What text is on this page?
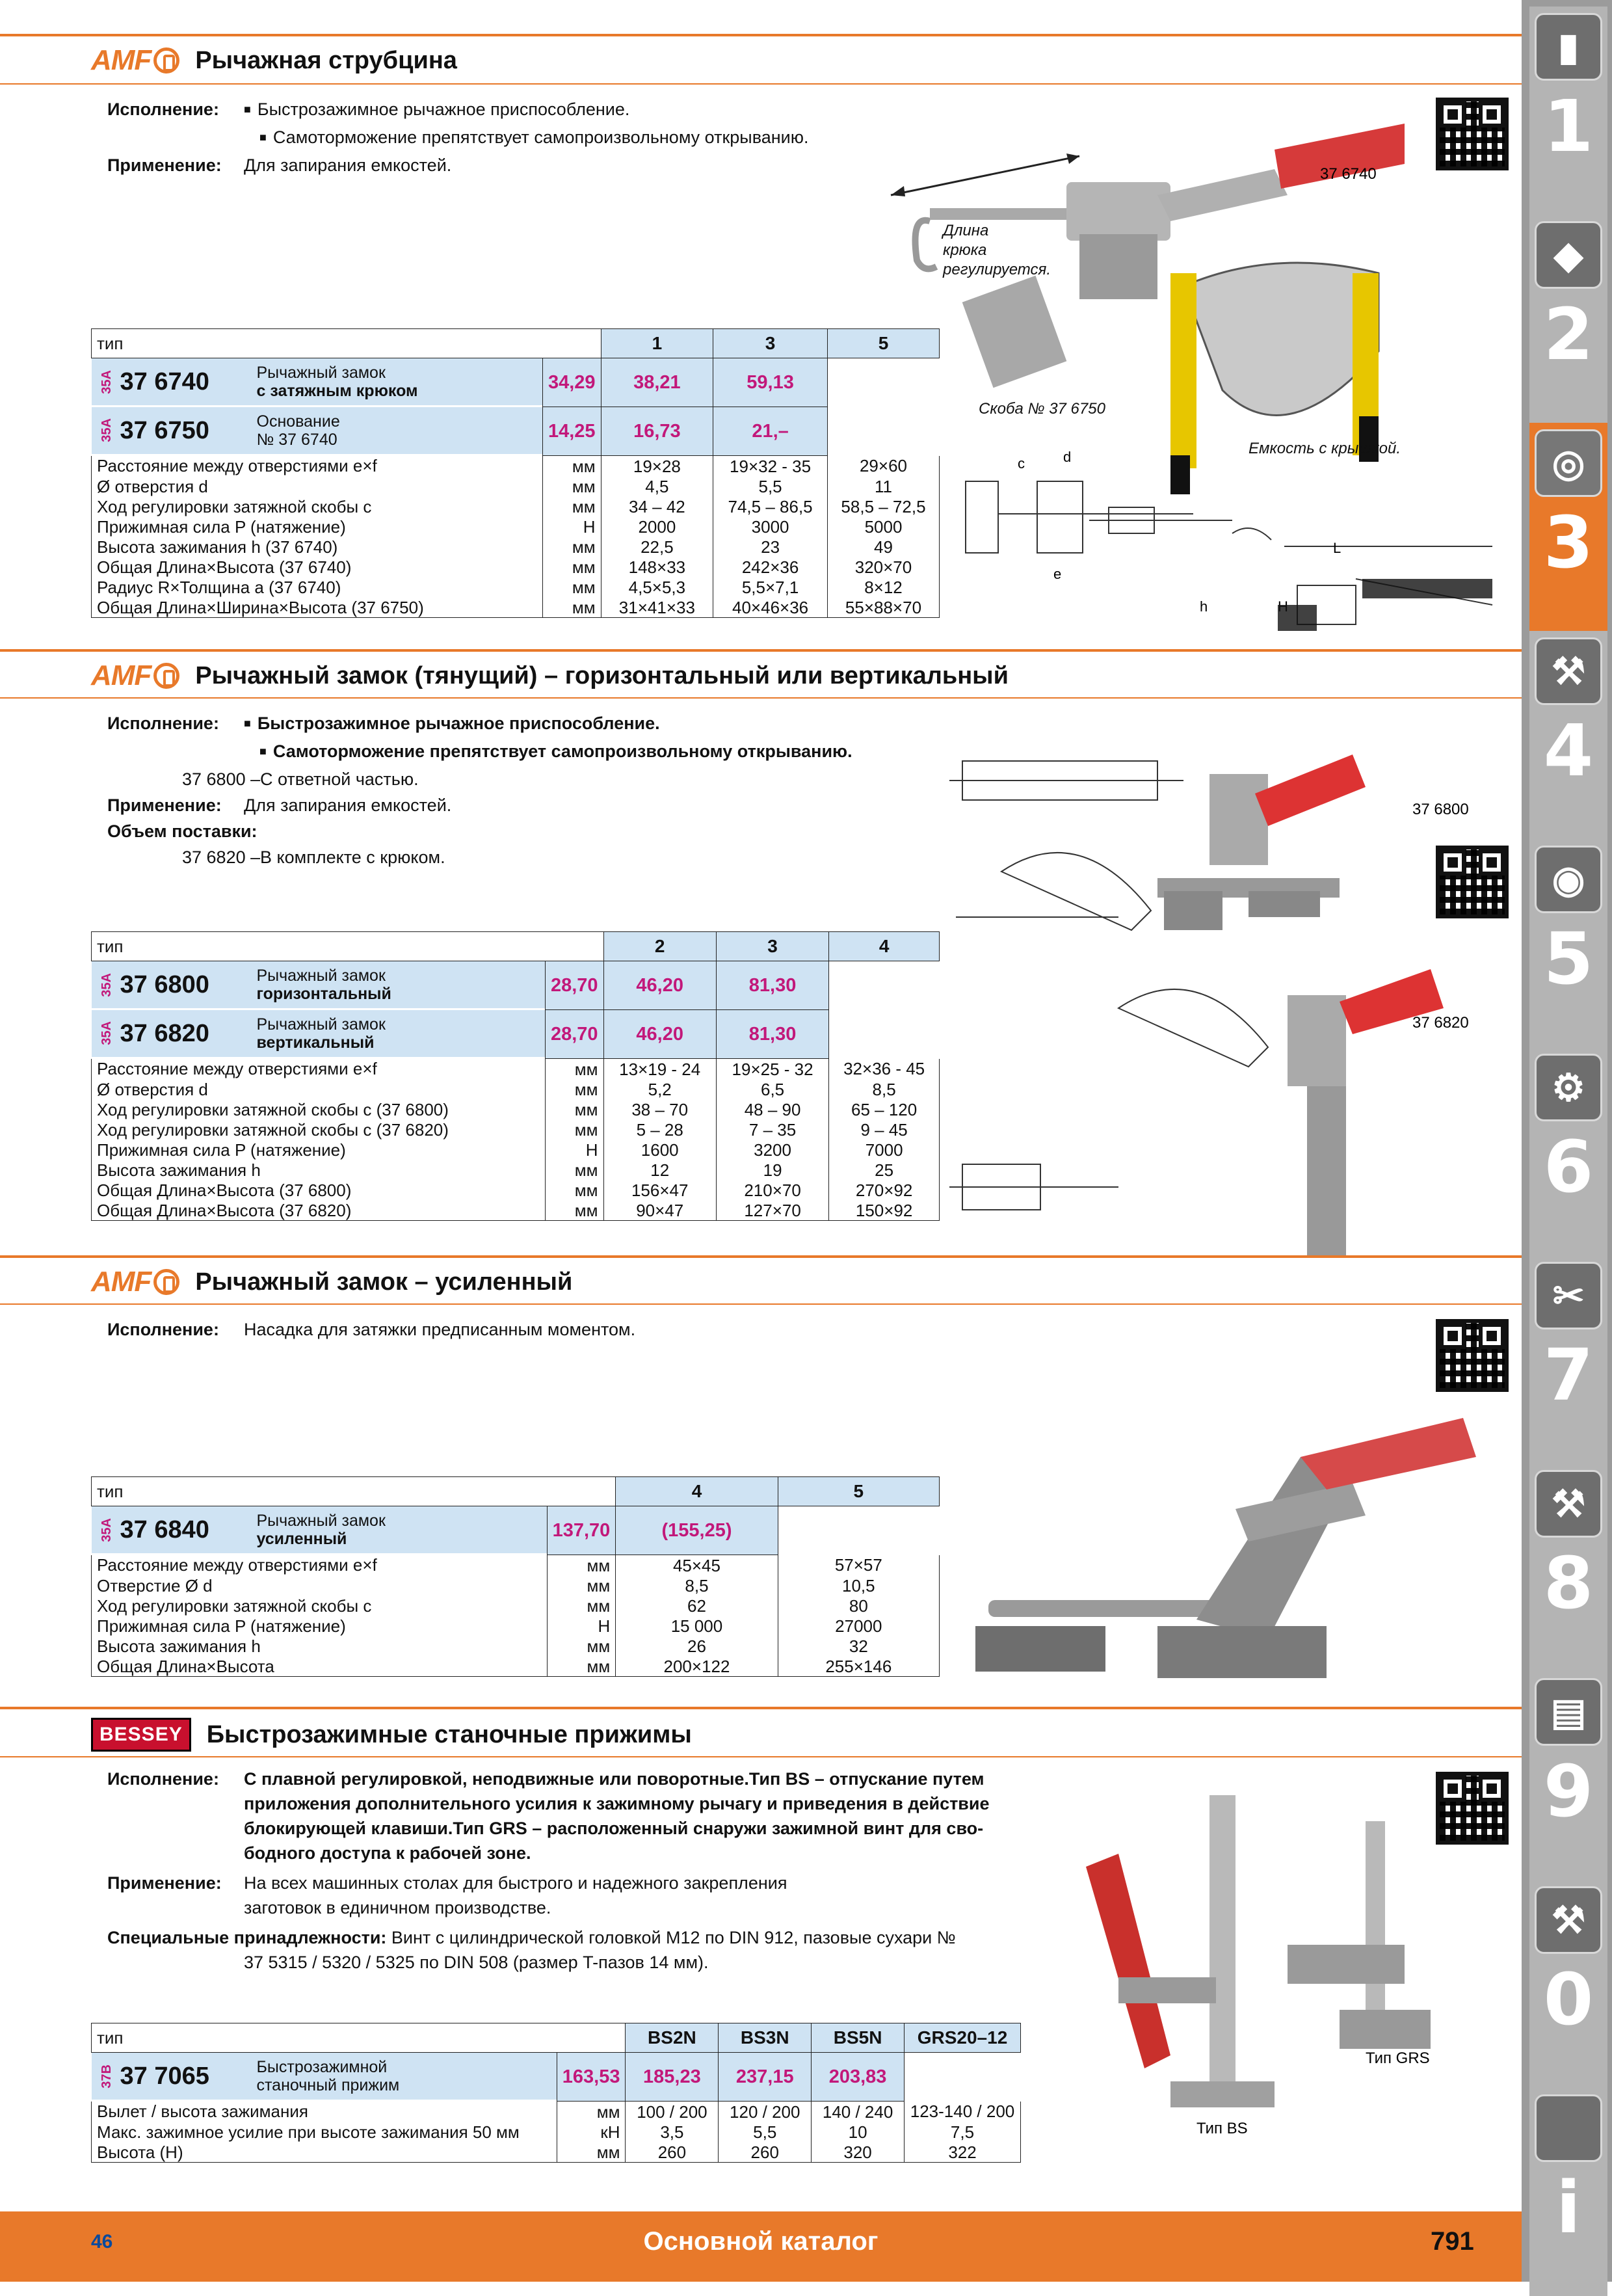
AMF Рычажная струбцина
Исполнение: ■ Быстрозажимное рычажное приспособление.
■ Самоторможение препятствует самопроизвольному открыванию.
Применение: Для запирания емкостей.	37 6740
Длина
крюка
регулируется.
Скоба № 37 6750
Емкость с крышкой.
c	d
e
L
h
тип		1	3	5

35A 37 6740	Рычажный замок
с затяжным крюком	34,29	38,21	59,13	

35A 37 6750	Основание
№ 37 6740	14,25	16,73	21,–	
Расстояние между отверстиями e×f	мм	19×28	19×32 - 35	29×60
Ø отверстия d	мм	4,5	5,5	11
Ход регулировки затяжной скобы c	мм	34 – 42	74,5 – 86,5	58,5 – 72,5
Прижимная сила P (натяжение)	Н	2000	3000	5000
Высота зажимания h (37 6740)	мм	22,5	23	49
Общая Длина×Высота (37 6740)	мм	148×33	242×36	320×70
Радиус R×Толщина a (37 6740)	мм	4,5×5,3	5,5×7,1	8×12
Общая Длина×Ширина×Высота (37 6750)	мм	31×41×33	40×46×36	55×88×70
AMF Рычажный замок (тянущий) – горизонтальный или вертикальный
Исполнение: ■ Быстрозажимное рычажное приспособление.
■ Самоторможение препятствует самопроизвольному открыванию.
37 6800 –С ответной частью.
Применение: Для запирания емкостей.
Объем поставки:
37 6820 –В комплекте с крюком.
37 6800
37 6820
тип		2	3	4

35A 37 6800	Рычажный замок
горизонтальный	28,70	46,20	81,30	

35A 37 6820	Рычажный замок
вертикальный	28,70	46,20	81,30	
Расстояние между отверстиями e×f	мм	13×19 - 24	19×25 - 32	32×36 - 45
Ø отверстия d	мм	5,2	6,5	8,5
Ход регулировки затяжной скобы c (37 6800)	мм	38 – 70	48 – 90	65 – 120
Ход регулировки затяжной скобы c (37 6820)	мм	5 – 28	7 – 35	9 – 45
Прижимная сила P (натяжение)	Н	1600	3200	7000
Высота зажимания h	мм	12	19	25
Общая Длина×Высота (37 6800)	мм	156×47	210×70	270×92
Общая Длина×Высота (37 6820)	мм	90×47	127×70	150×92
AMF Рычажный замок – усиленный
Исполнение: Насадка для затяжки предписанным моментом.
тип		4	5

35A 37 6840	Рычажный замок
усиленный	137,70	(155,25)	
Расстояние между отверстиями e×f	мм	45×45	57×57
Отверстие Ø d	мм	8,5	10,5
Ход регулировки затяжной скобы c	мм	62	80
Прижимная сила P (натяжение)	Н	15 000	27000
Высота зажимания h	мм	26	32
Общая Длина×Высота	мм	200×122	255×146
BESSEY Быстрозажимные станочные прижимы
Исполнение: С плавной регулировкой, неподвижные или поворотные.Тип BS – отпускание путем
приложения дополнительного усилия к зажимному рычагу и приведения в действие
блокирующей клавиши.Тип GRS – расположенный снаружи зажимной винт для сво-
бодного доступа к рабочей зоне.
Применение: На всех машинных столах для быстрого и надежного закрепления
заготовок в единичном производстве.
Специальные принадлежности: Винт с цилиндрической головкой M12 по DIN 912, пазовые сухари №
37 5315 / 5320 / 5325 по DIN 508 (размер T-пазов 14 мм).
Тип GRS
Тип BS
тип		BS2N	BS3N	BS5N	GRS20–12

37B 37 7065	Быстрозажимной
станочный прижим	163,53	185,23	237,15	203,83	
Вылет / высота зажимания	мм	100 / 200	120 / 200	140 / 240	123-140 / 200
Макс. зажимное усилие при высоте зажимания 50 мм	кН	3,5	5,5	10	7,5
Высота (H)	мм	260	260	320	322
▮
1
◆
2
◎
3
⚒
4
◉
5
⚙
6
✂
7
⚒
8
▤
9
⚒
0
i
46	Основной каталог	791
